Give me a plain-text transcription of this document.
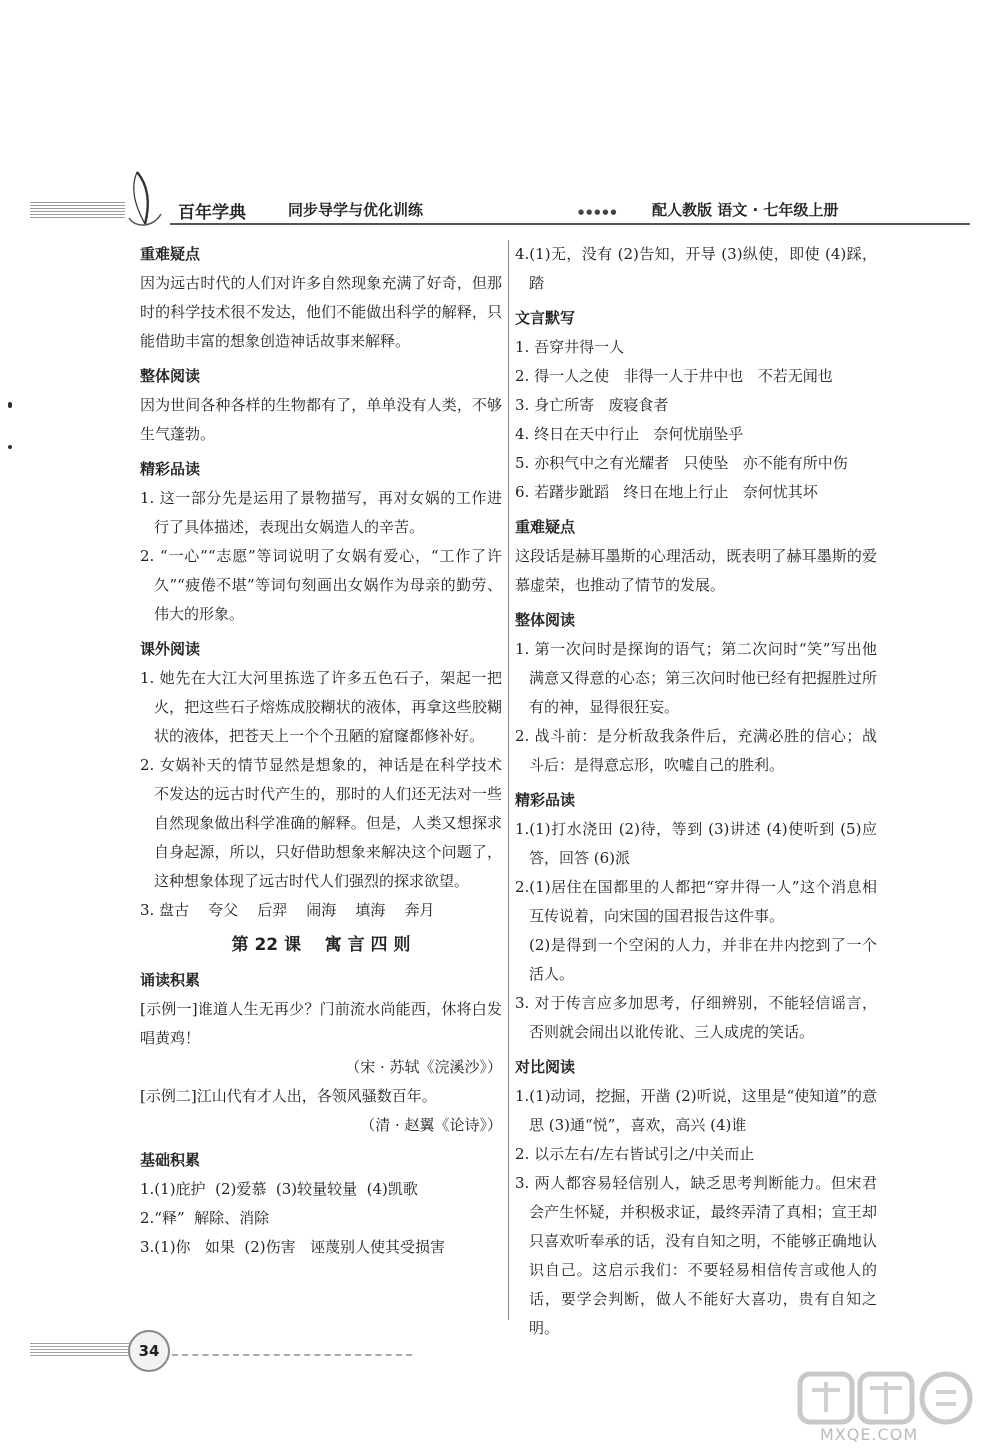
百年学典	同步导学与优化训练	●●●●● 配人教版 语文 · 七年级上册
重难疑点

因为远古时代的人们对许多自然现象充满了好奇，但那时的科学技术很不发达，他们不能做出科学的解释，只能借助丰富的想象创造神话故事来解释。

整体阅读

因为世间各种各样的生物都有了，单单没有人类，不够生气蓬勃。

精彩品读

1. 这一部分先是运用了景物描写，再对女娲的工作进行了具体描述，表现出女娲造人的辛苦。

2. “一心”“志愿”等词说明了女娲有爱心，“工作了许久”“疲倦不堪”等词句刻画出女娲作为母亲的勤劳、伟大的形象。

课外阅读

1. 她先在大江大河里拣选了许多五色石子，架起一把火，把这些石子熔炼成胶糊状的液体，再拿这些胶糊状的液体，把苍天上一个个丑陋的窟窿都修补好。

2. 女娲补天的情节显然是想象的，神话是在科学技术不发达的远古时代产生的，那时的人们还无法对一些自然现象做出科学准确的解释。但是，人类又想探求自身起源，所以，只好借助想象来解决这个问题了，这种想象体现了远古时代人们强烈的探求欲望。

3. 盘古    夸父    后羿    闹海    填海    奔月

第 22 课    寓 言 四 则
诵读积累

[示例一]谁道人生无再少？门前流水尚能西，休将白发唱黄鸡！

（宋 · 苏轼《浣溪沙》）

[示例二]江山代有才人出，各领风骚数百年。

（清 · 赵翼《论诗》）

基础积累

1.(1)庇护  (2)爱慕  (3)较量较量  (4)凯歌

2.“释”  解除、消除

3.(1)你   如果  (2)伤害   诬蔑别人使其受损害

4.(1)无，没有 (2)告知，开导 (3)纵使，即使 (4)踩，踏

文言默写

1. 吾穿井得一人

2. 得一人之使   非得一人于井中也   不若无闻也

3. 身亡所寄   废寝食者

4. 终日在天中行止   奈何忧崩坠乎

5. 亦积气中之有光耀者   只使坠   亦不能有所中伤

6. 若躇步跐蹈   终日在地上行止   奈何忧其坏

重难疑点

这段话是赫耳墨斯的心理活动，既表明了赫耳墨斯的爱慕虚荣，也推动了情节的发展。

整体阅读

1. 第一次问时是探询的语气；第二次问时“笑”写出他满意又得意的心态；第三次问时他已经有把握胜过所有的神，显得很狂妄。

2. 战斗前：是分析敌我条件后，充满必胜的信心；战斗后：是得意忘形，吹嘘自己的胜利。

精彩品读

1.(1)打水浇田 (2)待，等到 (3)讲述 (4)使听到 (5)应答，回答 (6)派

2.(1)居住在国都里的人都把“穿井得一人”这个消息相互传说着，向宋国的国君报告这件事。

(2)是得到一个空闲的人力，并非在井内挖到了一个活人。

3. 对于传言应多加思考，仔细辨别，不能轻信谣言，否则就会闹出以讹传讹、三人成虎的笑话。

对比阅读

1.(1)动词，挖掘，开凿 (2)听说，这里是“使知道”的意思 (3)通“悦”，喜欢，高兴 (4)谁

2. 以示左右/左右皆试引之/中关而止

3. 两人都容易轻信别人，缺乏思考判断能力。但宋君会产生怀疑，并积极求证，最终弄清了真相；宣王却只喜欢听奉承的话，没有自知之明，不能够正确地认识自己。这启示我们：不要轻易相信传言或他人的话，要学会判断，做人不能好大喜功，贵有自知之明。

34
MXQE.COM
